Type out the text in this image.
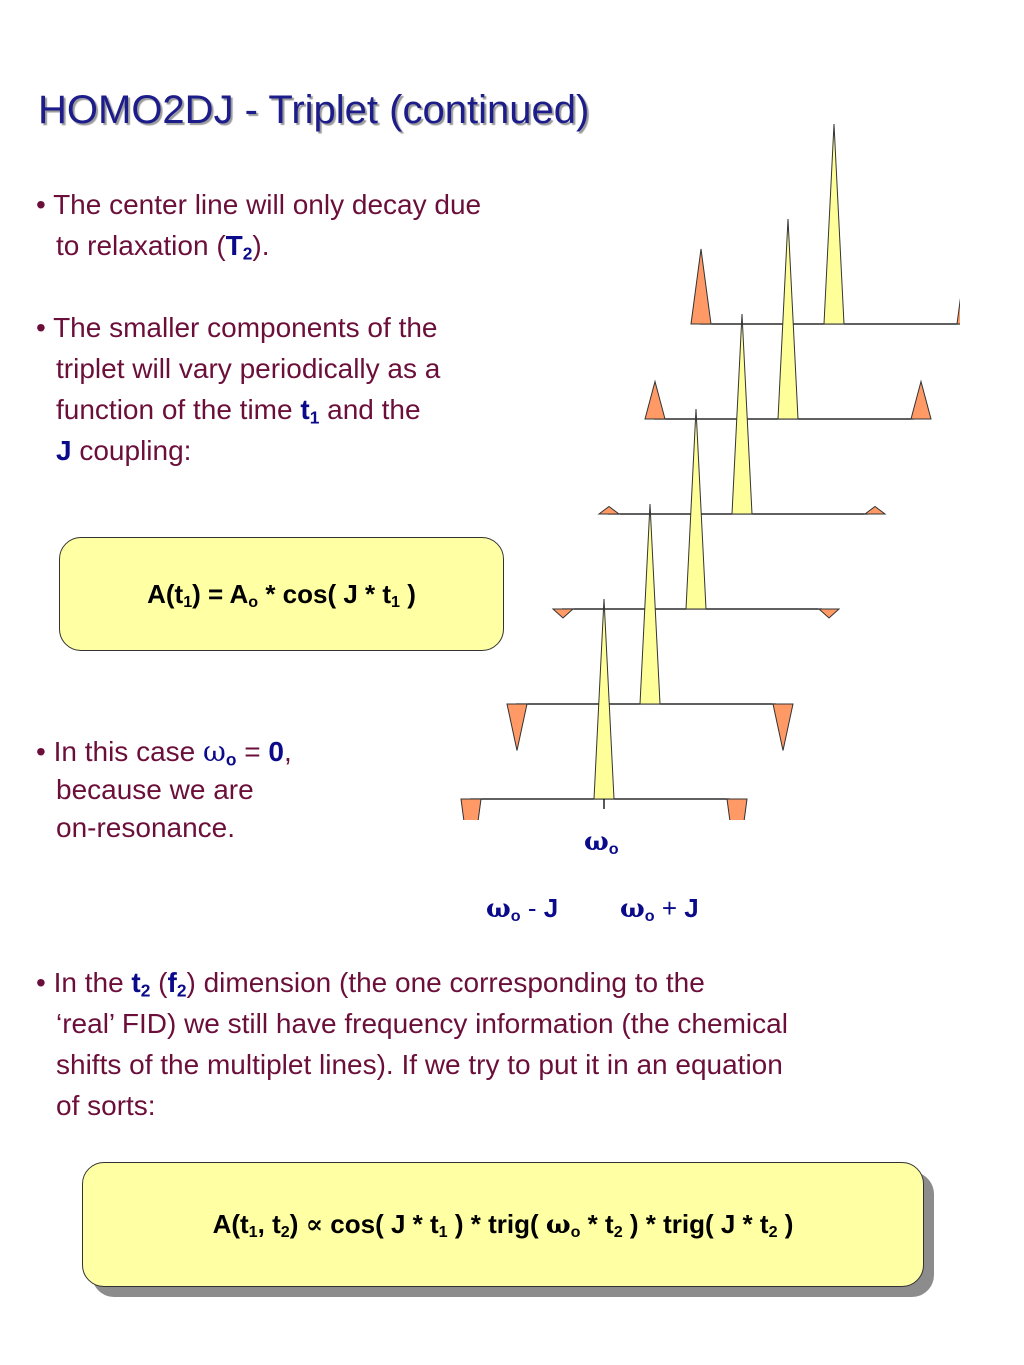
HOMO2DJ - Triplet (continued)
• The center line will only decay due
to relaxation $(T_2)$.
• The smaller components of the
triplet will vary periodically as a
function of the time $t_1$ and the
J coupling:
$A(t_1) = A_o * \cos$( J * $t_1$ )
• In this case $\omega_o = 0$,
because we are
on-resonance.
• In the $t_2$ $(f_2)$ dimension (the one corresponding to the
‘real’ FID) we still have frequency information (the chemical
shifts of the multiplet lines). If we try to put it in an equation
of sorts:
$\omega_o$
$\omega_o$ - J $\omega_o + J$
$A(t_1$, $t_2) \propto \cos$( J * $t_1$ ) * trig( $\omega_o * t_2$ ) * trig( J * $t_2$ )
